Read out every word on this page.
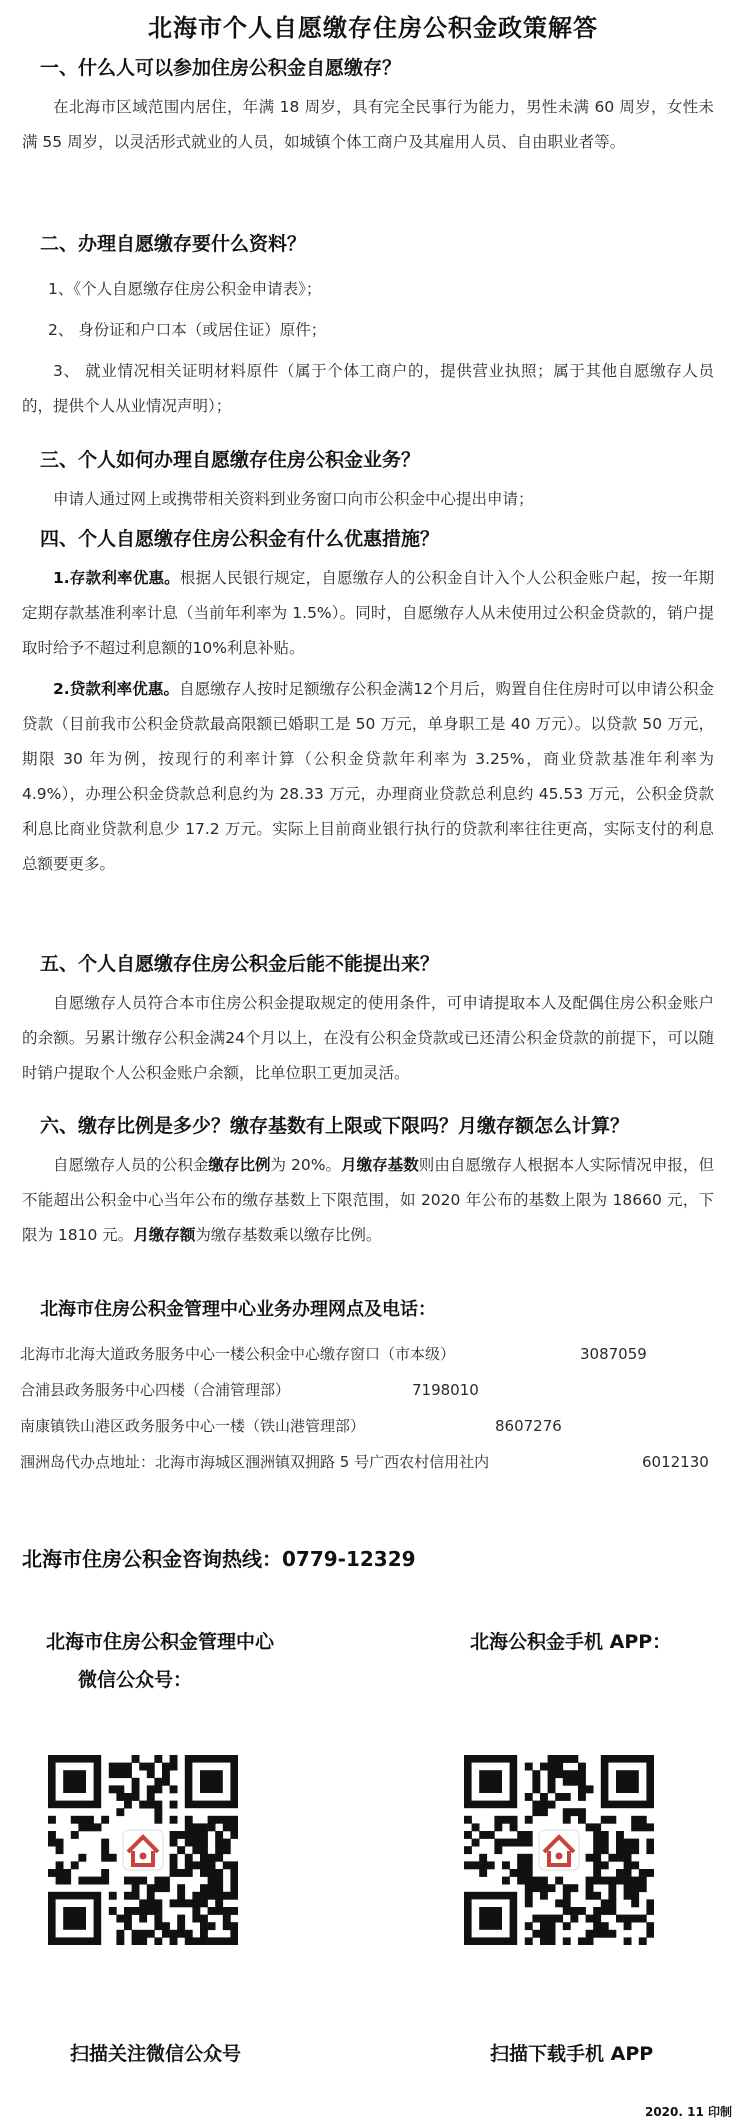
北海市个人自愿缴存住房公积金政策解答
一、什么人可以参加住房公积金自愿缴存？
在北海市区域范围内居住，年满 18 周岁，具有完全民事行为能力，男性未满 60 周岁，女性未满 55 周岁，以灵活形式就业的人员，如城镇个体工商户及其雇用人员、自由职业者等。
二、办理自愿缴存要什么资料？
1、《个人自愿缴存住房公积金申请表》；
2、 身份证和户口本（或居住证）原件；
3、 就业情况相关证明材料原件（属于个体工商户的，提供营业执照；属于其他自愿缴存人员的，提供个人从业情况声明）；
三、个人如何办理自愿缴存住房公积金业务？
申请人通过网上或携带相关资料到业务窗口向市公积金中心提出申请；
四、个人自愿缴存住房公积金有什么优惠措施？
1.存款利率优惠。根据人民银行规定，自愿缴存人的公积金自计入个人公积金账户起，按一年期定期存款基准利率计息（当前年利率为 1.5%）。同时，自愿缴存人从未使用过公积金贷款的，销户提取时给予不超过利息额的10%利息补贴。
2.贷款利率优惠。自愿缴存人按时足额缴存公积金满12个月后，购置自住住房时可以申请公积金贷款（目前我市公积金贷款最高限额已婚职工是 50 万元，单身职工是 40 万元）。以贷款 50 万元，期限 30 年为例，按现行的利率计算（公积金贷款年利率为 3.25%，商业贷款基准年利率为 4.9%），办理公积金贷款总利息约为 28.33 万元，办理商业贷款总利息约 45.53 万元，公积金贷款利息比商业贷款利息少 17.2 万元。实际上目前商业银行执行的贷款利率往往更高，实际支付的利息总额要更多。
五、个人自愿缴存住房公积金后能不能提出来？
自愿缴存人员符合本市住房公积金提取规定的使用条件，可申请提取本人及配偶住房公积金账户的余额。另累计缴存公积金满24个月以上，在没有公积金贷款或已还清公积金贷款的前提下，可以随时销户提取个人公积金账户余额，比单位职工更加灵活。
六、缴存比例是多少？缴存基数有上限或下限吗？月缴存额怎么计算？
自愿缴存人员的公积金缴存比例为 20%。月缴存基数则由自愿缴存人根据本人实际情况申报，但不能超出公积金中心当年公布的缴存基数上下限范围，如 2020 年公布的基数上限为 18660 元，下限为 1810 元。月缴存额为缴存基数乘以缴存比例。
北海市住房公积金管理中心业务办理网点及电话：
北海市北海大道政务服务中心一楼公积金中心缴存窗口（市本级）	3087059
合浦县政务服务中心四楼（合浦管理部）	7198010
南康镇铁山港区政务服务中心一楼（铁山港管理部）	8607276
涠洲岛代办点地址：北海市海城区涠洲镇双拥路 5 号广西农村信用社内	6012130
北海市住房公积金咨询热线：0779-12329
北海市住房公积金管理中心
微信公众号：
北海公积金手机 APP：
扫描关注微信公众号	扫描下载手机 APP
2020. 11 印制
